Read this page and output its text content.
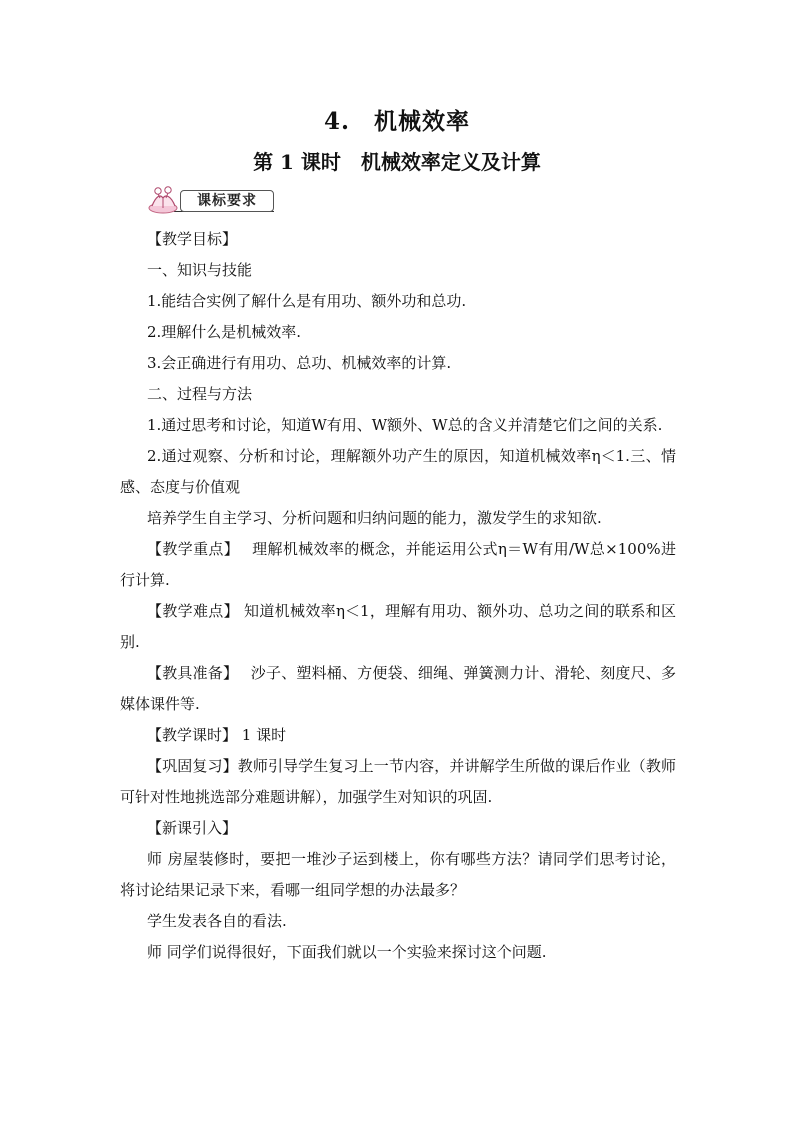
4.　机械效率
第 1 课时　机械效率定义及计算
课标要求

【教学目标】

一、知识与技能

1.能结合实例了解什么是有用功、额外功和总功.

2.理解什么是机械效率.

3.会正确进行有用功、总功、机械效率的计算.

二、过程与方法

1.通过思考和讨论，知道W有用、W额外、W总的含义并清楚它们之间的关系.

2.通过观察、分析和讨论，理解额外功产生的原因，知道机械效率η＜1.三、情感、态度与价值观

培养学生自主学习、分析问题和归纳问题的能力，激发学生的求知欲.

【教学重点】　 理解机械效率的概念，并能运用公式η＝W有用/W总×100%进行计算.

【教学难点】 知道机械效率η＜1，理解有用功、额外功、总功之间的联系和区别.

【教具准备】　 沙子、塑料桶、方便袋、细绳、弹簧测力计、滑轮、刻度尺、多媒体课件等.

【教学课时】 1 课时

【巩固复习】教师引导学生复习上一节内容，并讲解学生所做的课后作业（教师可针对性地挑选部分难题讲解），加强学生对知识的巩固.

【新课引入】

师 房屋装修时，要把一堆沙子运到楼上，你有哪些方法？请同学们思考讨论，将讨论结果记录下来，看哪一组同学想的办法最多？

学生发表各自的看法.

师 同学们说得很好，下面我们就以一个实验来探讨这个问题.
